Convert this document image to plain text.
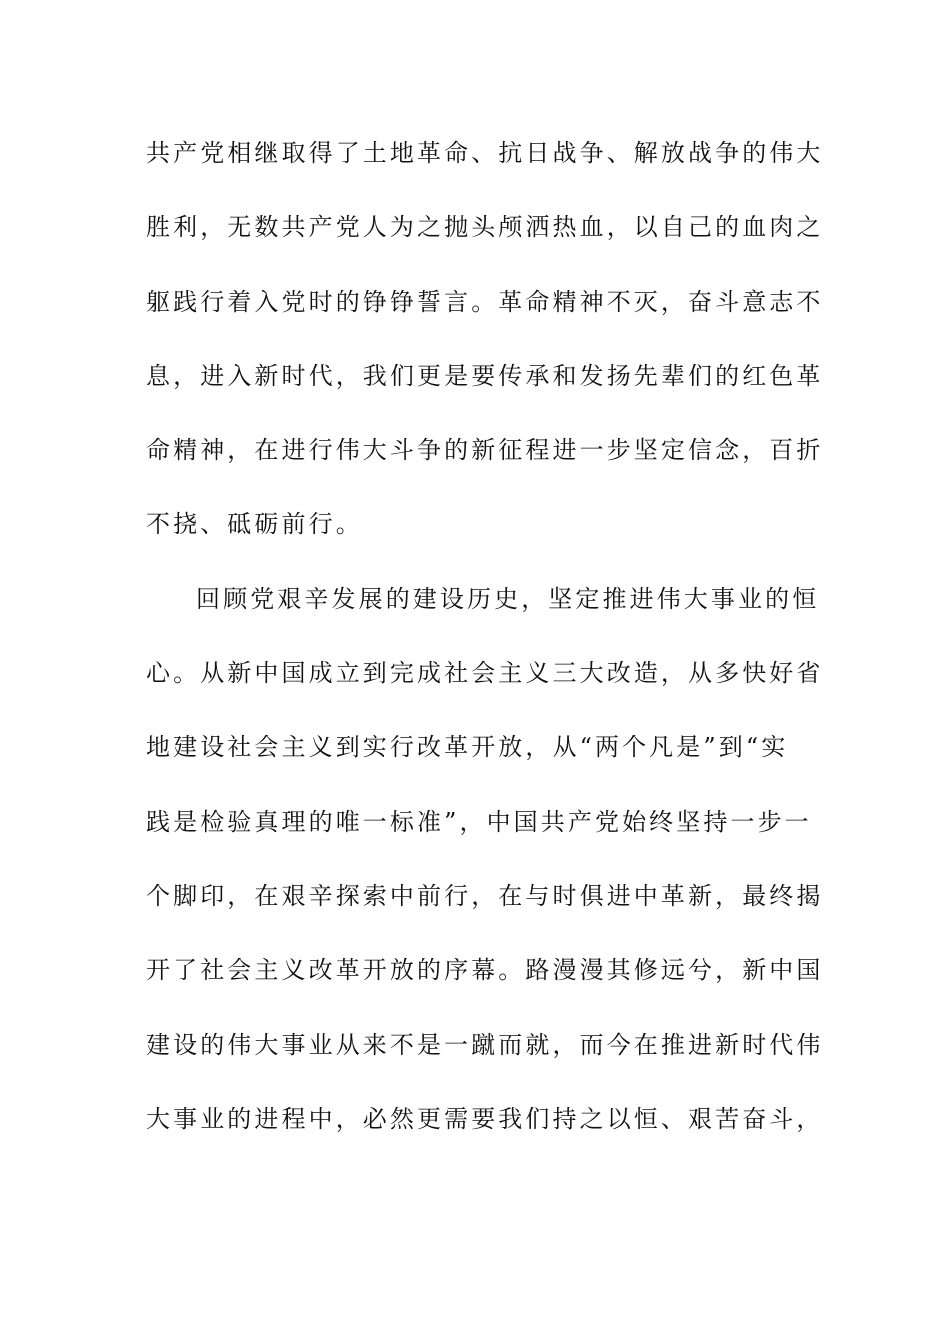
共产党相继取得了土地革命、抗日战争、解放战争的伟大
胜利，无数共产党人为之抛头颅洒热血，以自己的血肉之
躯践行着入党时的铮铮誓言。革命精神不灭，奋斗意志不
息，进入新时代，我们更是要传承和发扬先辈们的红色革
命精神，在进行伟大斗争的新征程进一步坚定信念，百折
不挠、砥砺前行。
回顾党艰辛发展的建设历史，坚定推进伟大事业的恒
心。从新中国成立到完成社会主义三大改造，从多快好省
地建设社会主义到实行改革开放，从“两个凡是”到“实
践是检验真理的唯一标准”，中国共产党始终坚持一步一
个脚印，在艰辛探索中前行，在与时俱进中革新，最终揭
开了社会主义改革开放的序幕。路漫漫其修远兮，新中国
建设的伟大事业从来不是一蹴而就，而今在推进新时代伟
大事业的进程中，必然更需要我们持之以恒、艰苦奋斗，
